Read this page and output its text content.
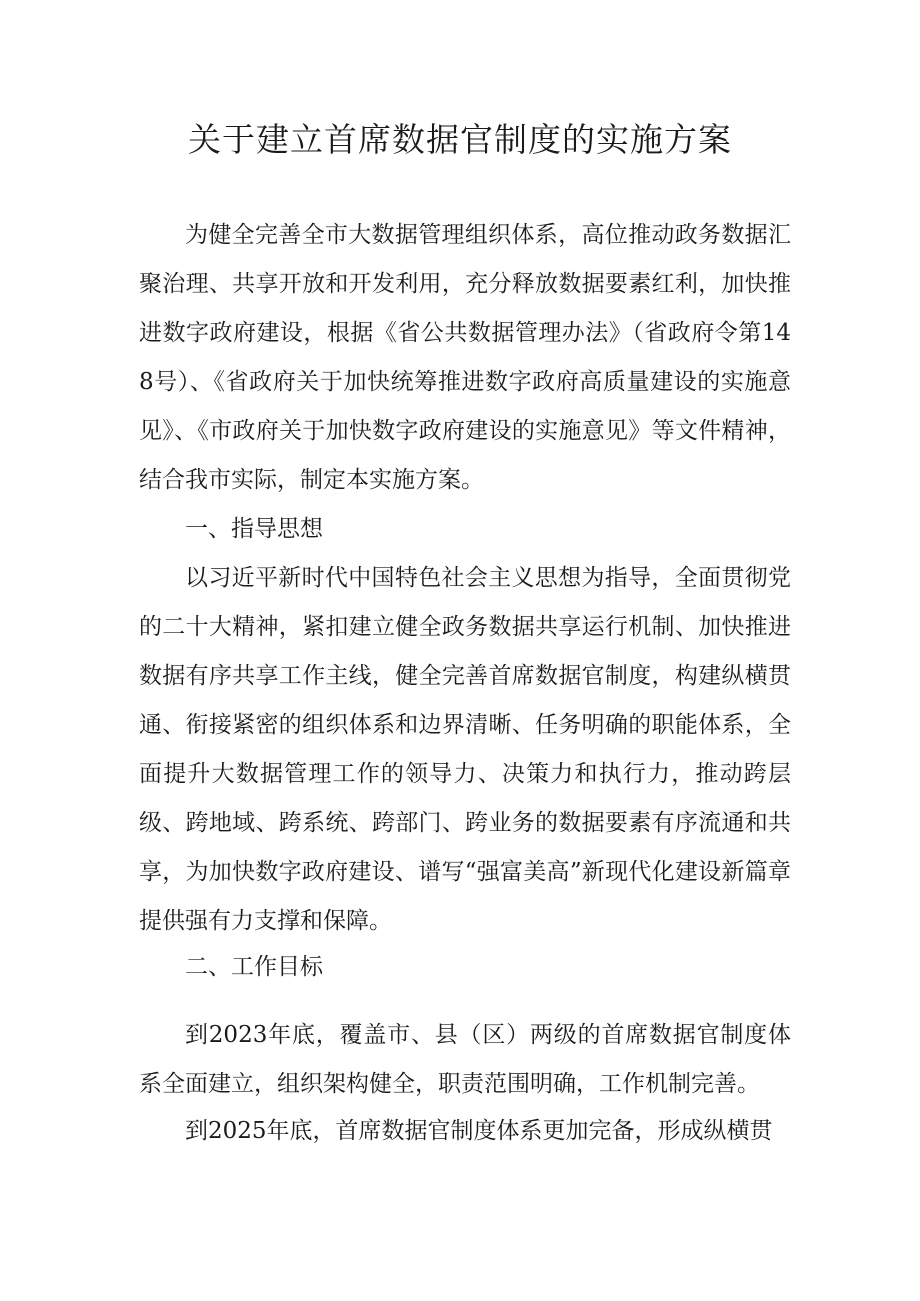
关于建立首席数据官制度的实施方案

为健全完善全市大数据管理组织体系，高位推动政务数据汇聚治理、共享开放和开发利用，充分释放数据要素红利，加快推进数字政府建设，根据《省公共数据管理办法》（省政府令第148号）、《省政府关于加快统筹推进数字政府高质量建设的实施意见》、《市政府关于加快数字政府建设的实施意见》等文件精神，结合我市实际，制定本实施方案。

一、指导思想

以习近平新时代中国特色社会主义思想为指导，全面贯彻党的二十大精神，紧扣建立健全政务数据共享运行机制、加快推进数据有序共享工作主线，健全完善首席数据官制度，构建纵横贯通、衔接紧密的组织体系和边界清晰、任务明确的职能体系，全面提升大数据管理工作的领导力、决策力和执行力，推动跨层级、跨地域、跨系统、跨部门、跨业务的数据要素有序流通和共享，为加快数字政府建设、谱写“强富美高”新现代化建设新篇章提供强有力支撑和保障。

二、工作目标

到2023年底，覆盖市、县（区）两级的首席数据官制度体系全面建立，组织架构健全，职责范围明确，工作机制完善。

到2025年底，首席数据官制度体系更加完备，形成纵横贯
